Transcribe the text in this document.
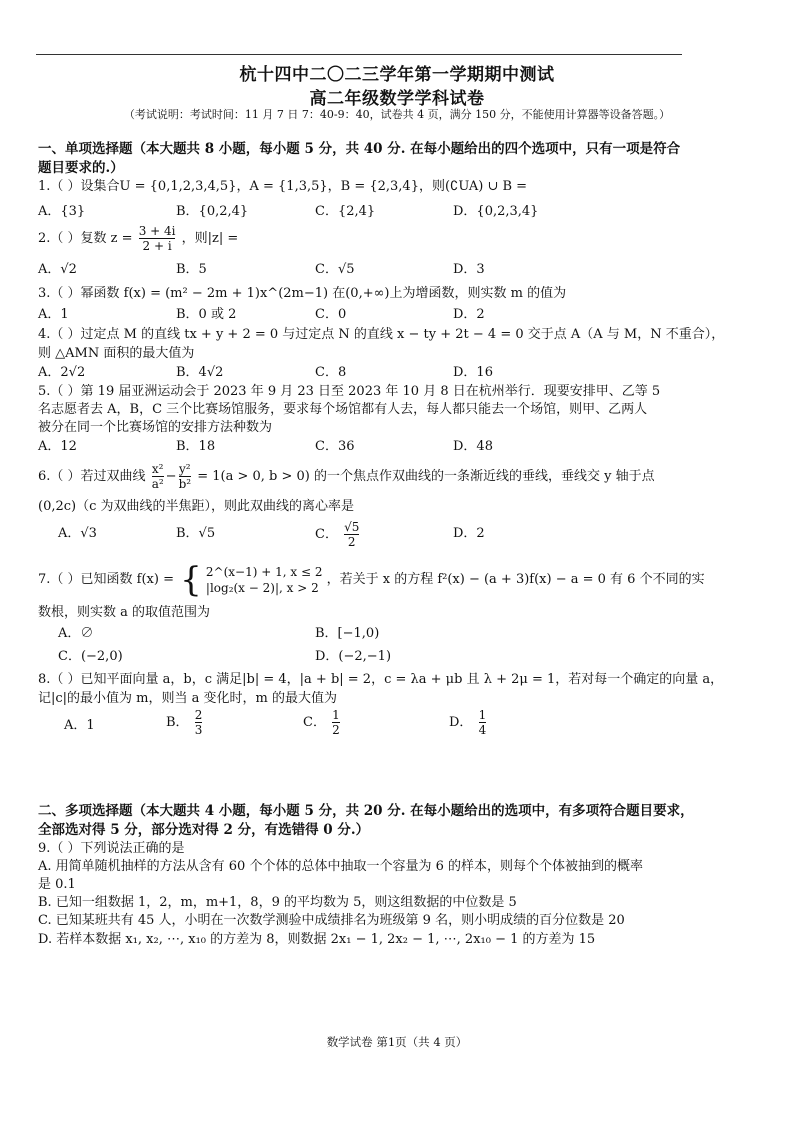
杭十四中二〇二三学年第一学期期中测试
高二年级数学学科试卷
（考试说明：考试时间：11 月 7 日 7：40-9：40，试卷共 4 页，满分 150 分，不能使用计算器等设备答题。）
一、单项选择题（本大题共 8 小题，每小题 5 分，共 40 分. 在每小题给出的四个选项中，只有一项是符合
题目要求的.）
1.（ ）设集合U = {0,1,2,3,4,5}，A = {1,3,5}，B = {2,3,4}，则(∁UA) ∪ B =
A．{3}	B．{0,2,4}	C．{2,4}	D．{0,2,3,4}
2.（ ）复数 $z = \frac{3 + 4i}{2 + i}$ ，则|z| =
A．√2	B．5	C．√5	D．3
3.（ ）幂函数 f(x) = (m² − 2m + 1)x^(2m−1) 在(0,+∞)上为增函数，则实数 m 的值为
A．1	B．0 或 2	C．0	D．2
4.（ ）过定点 M 的直线 tx + y + 2 = 0 与过定点 N 的直线 x − ty + 2t − 4 = 0 交于点 A（A 与 M，N 不重合），
则 △AMN 面积的最大值为
A．2√2	B．4√2	C．8	D．16
5.（ ）第 19 届亚洲运动会于 2023 年 9 月 23 日至 2023 年 10 月 8 日在杭州举行．现要安排甲、乙等 5
名志愿者去 A，B，C 三个比赛场馆服务，要求每个场馆都有人去，每人都只能去一个场馆，则甲、乙两人
被分在同一个比赛场馆的安排方法种数为
A．12	B．18	C．36	D．48
6.（ ）若过双曲线 $\frac{\text{x²}}{\text{a²}} - \frac{\text{y²}}{\text{b²}} = 1(a > 0$, b > 0) 的一个焦点作双曲线的一条渐近线的垂线，垂线交 y 轴于点
(0,2c)（c 为双曲线的半焦距），则此双曲线的离心率是
A．√3	B．√5	C． $\frac{√5}{2}$	D．2
7.（ ）已知函数 f(x) = { 2^(x−1) + 1, x ≤ 2
|log₂(x − 2)|, x > 2
，若关于 x 的方程 f²(x) − (a + 3)f(x) − a = 0 有 6 个不同的实
数根，则实数 a 的取值范围为
A．∅	B．[−1,0)
C．(−2,0)	D．(−2,−1)
8.（ ）已知平面向量 a，b，c 满足|b| = 4，|a + b| = 2，c = λa + μb 且 λ + 2μ = 1，若对每一个确定的向量 a，
记|c|的最小值为 m，则当 a 变化时，m 的最大值为
A．1	B． $\frac{2}{3}$	C． $\frac{1}{2}$	D． $\frac{1}{4}$
二、多项选择题（本大题共 4 小题，每小题 5 分，共 20 分. 在每小题给出的选项中，有多项符合题目要求，
全部选对得 5 分，部分选对得 2 分，有选错得 0 分.）
9.（ ）下列说法正确的是
A. 用简单随机抽样的方法从含有 60 个个体的总体中抽取一个容量为 6 的样本，则每个个体被抽到的概率
是 0.1
B. 已知一组数据 1，2，m，m+1，8，9 的平均数为 5，则这组数据的中位数是 5
C. 已知某班共有 45 人，小明在一次数学测验中成绩排名为班级第 9 名，则小明成绩的百分位数是 20
D. 若样本数据 x₁, x₂, ⋯, x₁₀ 的方差为 8，则数据 2x₁ − 1, 2x₂ − 1, ⋯, 2x₁₀ − 1 的方差为 15
数学试卷 第1页（共 4 页）
